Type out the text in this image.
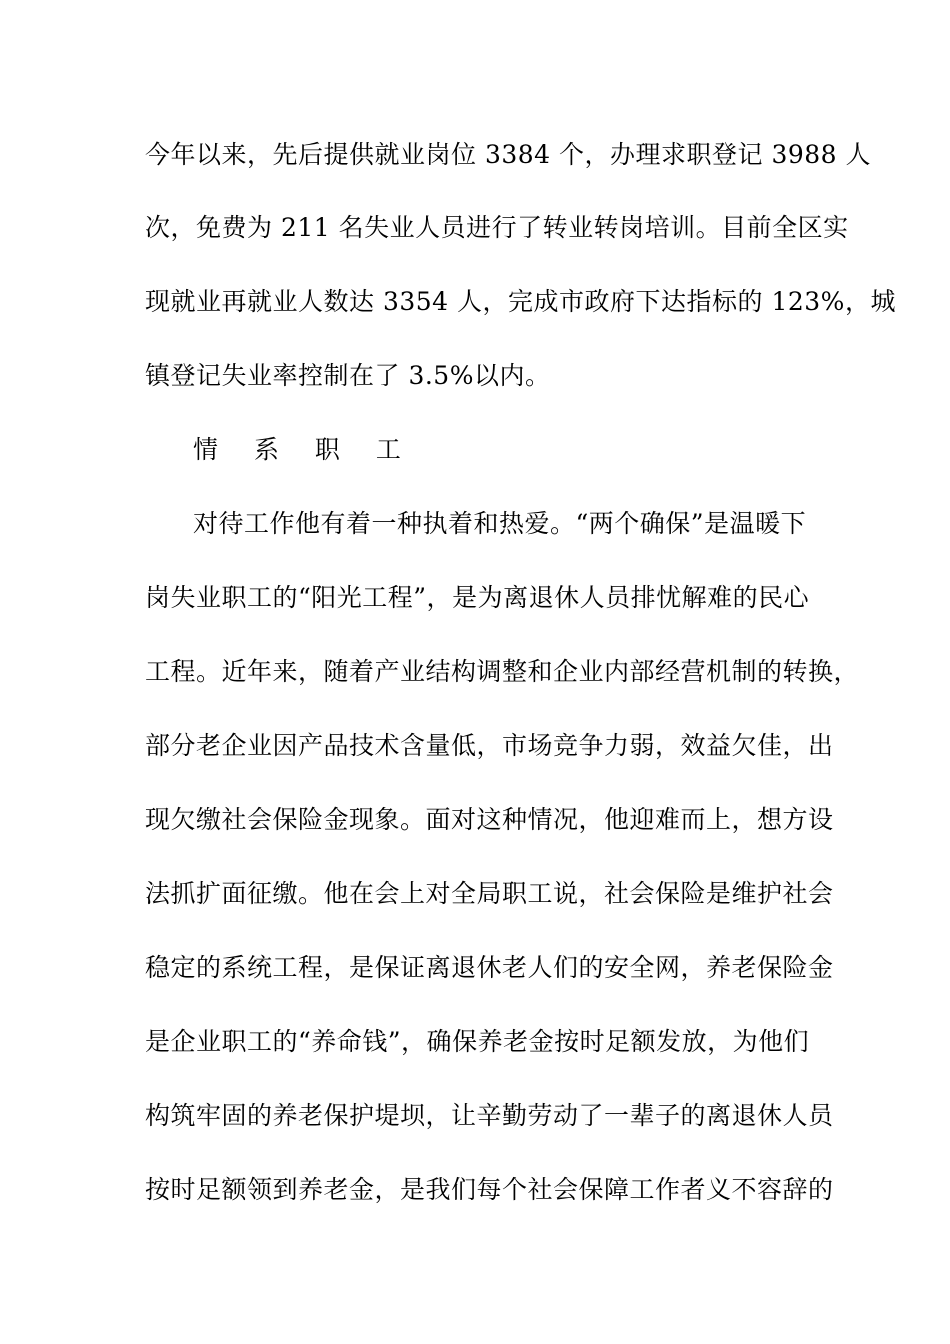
今年以来，先后提供就业岗位 3384 个，办理求职登记 3988 人
次，免费为 211 名失业人员进行了转业转岗培训。目前全区实
现就业再就业人数达 3354 人，完成市政府下达指标的 123%，城
镇登记失业率控制在了 3.5%以内。
情 系 职 工
对待工作他有着一种执着和热爱。“两个确保”是温暖下
岗失业职工的“阳光工程”，是为离退休人员排忧解难的民心
工程。近年来，随着产业结构调整和企业内部经营机制的转换，
部分老企业因产品技术含量低，市场竞争力弱，效益欠佳，出
现欠缴社会保险金现象。面对这种情况，他迎难而上，想方设
法抓扩面征缴。他在会上对全局职工说，社会保险是维护社会
稳定的系统工程，是保证离退休老人们的安全网，养老保险金
是企业职工的“养命钱”，确保养老金按时足额发放，为他们
构筑牢固的养老保护堤坝，让辛勤劳动了一辈子的离退休人员
按时足额领到养老金，是我们每个社会保障工作者义不容辞的
